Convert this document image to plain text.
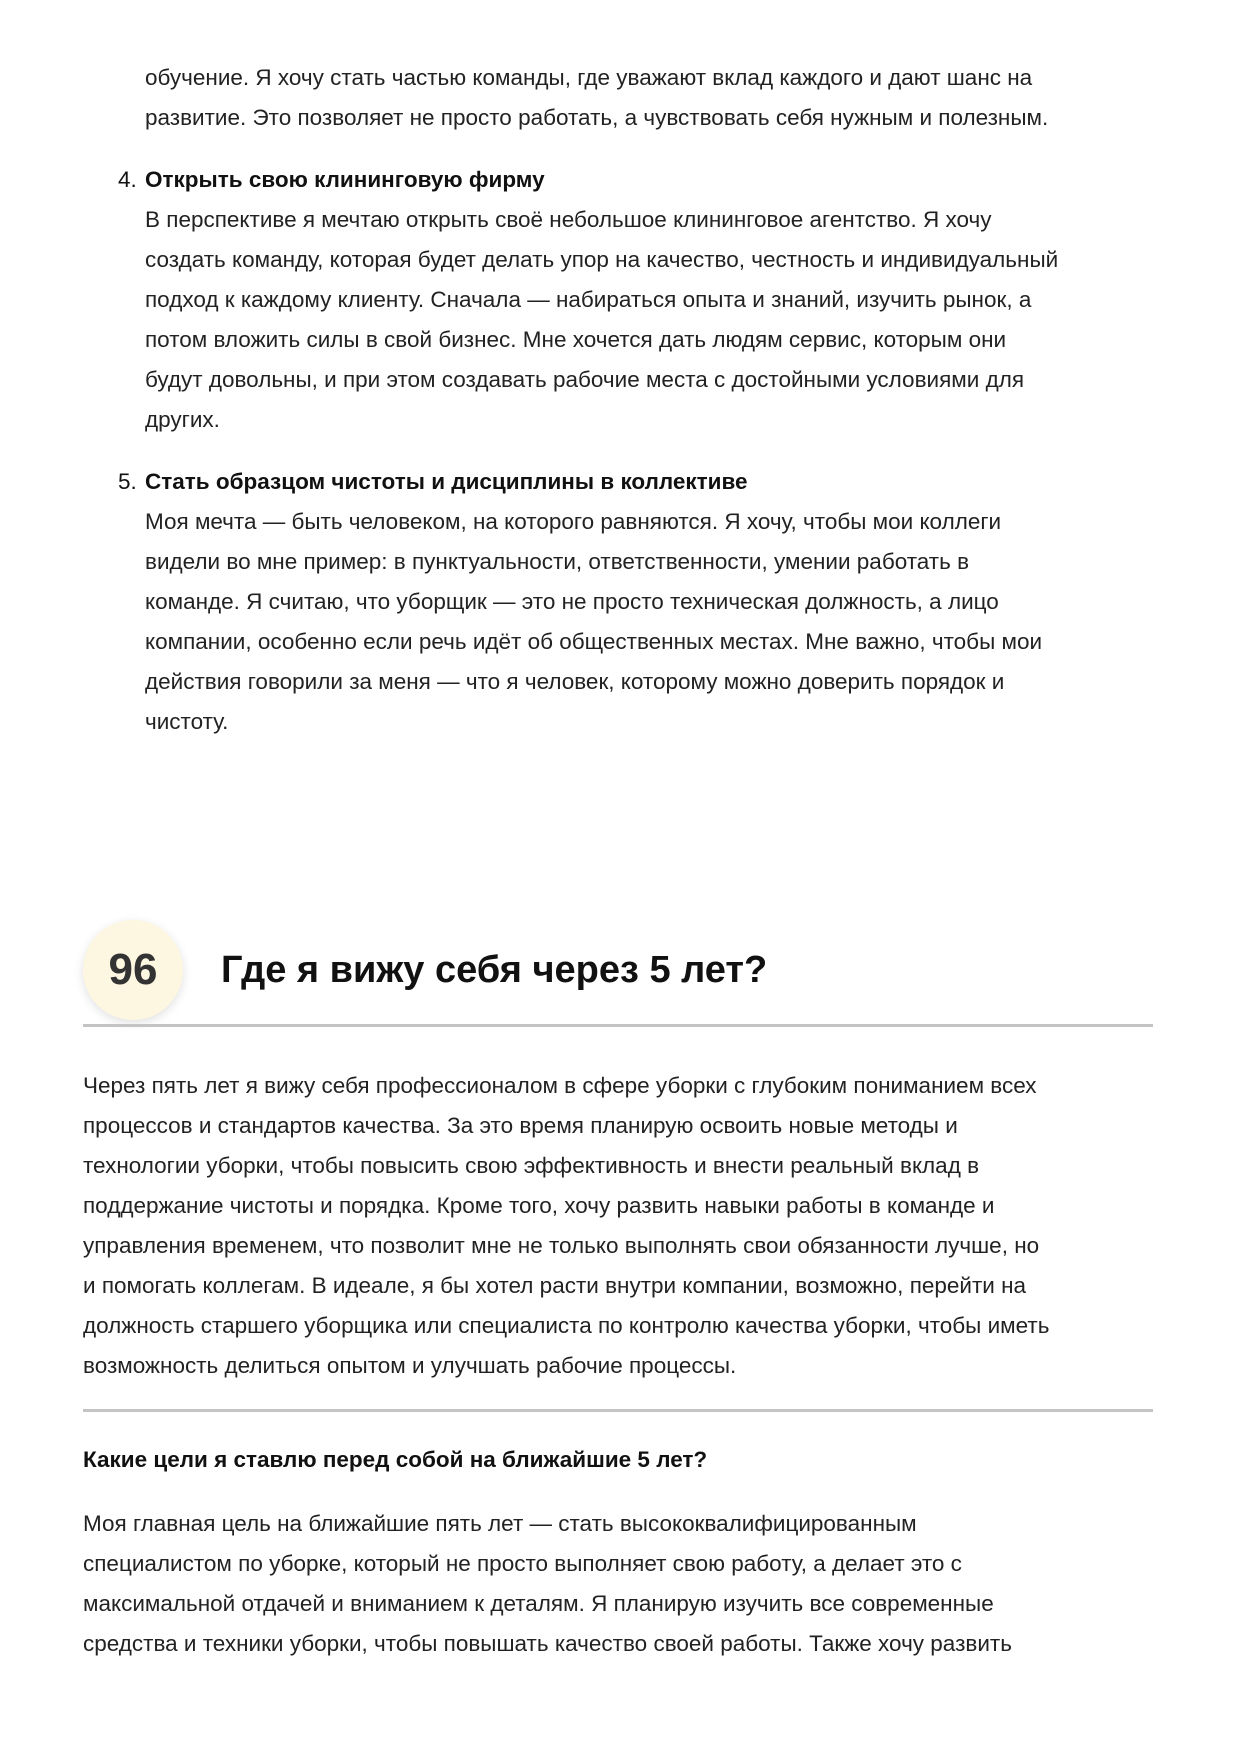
обучение. Я хочу стать частью команды, где уважают вклад каждого и дают шанс на

развитие. Это позволяет не просто работать, а чувствовать себя нужным и полезным.

4. Открыть свою клининговую фирму

В перспективе я мечтаю открыть своё небольшое клининговое агентство. Я хочу

создать команду, которая будет делать упор на качество, честность и индивидуальный

подход к каждому клиенту. Сначала — набираться опыта и знаний, изучить рынок, а

потом вложить силы в свой бизнес. Мне хочется дать людям сервис, которым они

будут довольны, и при этом создавать рабочие места с достойными условиями для

других.

5. Стать образцом чистоты и дисциплины в коллективе

Моя мечта — быть человеком, на которого равняются. Я хочу, чтобы мои коллеги

видели во мне пример: в пунктуальности, ответственности, умении работать в

команде. Я считаю, что уборщик — это не просто техническая должность, а лицо

компании, особенно если речь идёт об общественных местах. Мне важно, чтобы мои

действия говорили за меня — что я человек, которому можно доверить порядок и

чистоту.

96	Где я вижу себя через 5 лет?

Через пять лет я вижу себя профессионалом в сфере уборки с глубоким пониманием всех

процессов и стандартов качества. За это время планирую освоить новые методы и

технологии уборки, чтобы повысить свою эффективность и внести реальный вклад в

поддержание чистоты и порядка. Кроме того, хочу развить навыки работы в команде и

управления временем, что позволит мне не только выполнять свои обязанности лучше, но

и помогать коллегам. В идеале, я бы хотел расти внутри компании, возможно, перейти на

должность старшего уборщика или специалиста по контролю качества уборки, чтобы иметь

возможность делиться опытом и улучшать рабочие процессы.

Какие цели я ставлю перед собой на ближайшие 5 лет?

Моя главная цель на ближайшие пять лет — стать высококвалифицированным

специалистом по уборке, который не просто выполняет свою работу, а делает это с

максимальной отдачей и вниманием к деталям. Я планирую изучить все современные

средства и техники уборки, чтобы повышать качество своей работы. Также хочу развить
